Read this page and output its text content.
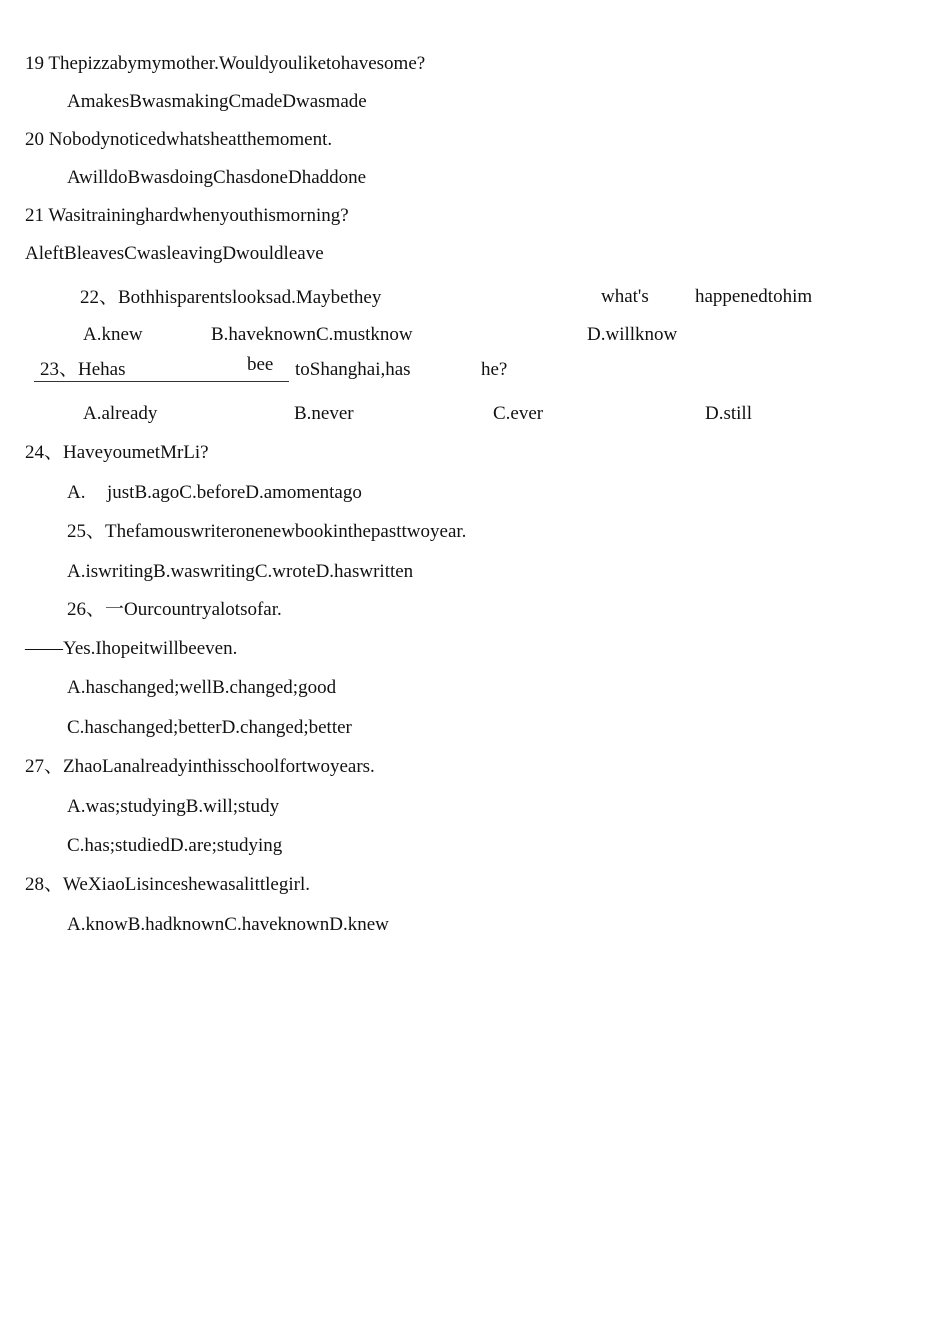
19 Thepizzabymymother.Wouldyouliketohavesome?
AmakesBwasmakingCmadeDwasmade
20 Nobodynoticedwhatsheatthemoment.
AwilldoBwasdoingChasdoneDhaddone
21 Wasitraininghardwhenyouthismorning?
AleftBleavesCwasleavingDwouldleave
22、Bothhisparentslooksad.Maybethey	what's happenedtohim
A.knew	B.haveknownC.mustknow	D.willknow
23、Hehas	bee toShanghai,has	he?
A.already	B.never	C.ever	D.still
24、HaveyoumetMrLi?
A. justB.agoC.beforeD.amomentago
25、Thefamouswriteronenewbookinthepasttwoyear.
A.iswritingB.waswritingC.wroteD.haswritten
26、一Ourcountryalotsofar.
——Yes.Ihopeitwillbeeven.
A.haschanged;wellB.changed;good
C.haschanged;betterD.changed;better
27、ZhaoLanalreadyinthisschoolfortwoyears.
A.was;studyingB.will;study
C.has;studiedD.are;studying
28、WeXiaoLisinceshewasalittlegirl.
A.knowB.hadknownC.haveknownD.knew
